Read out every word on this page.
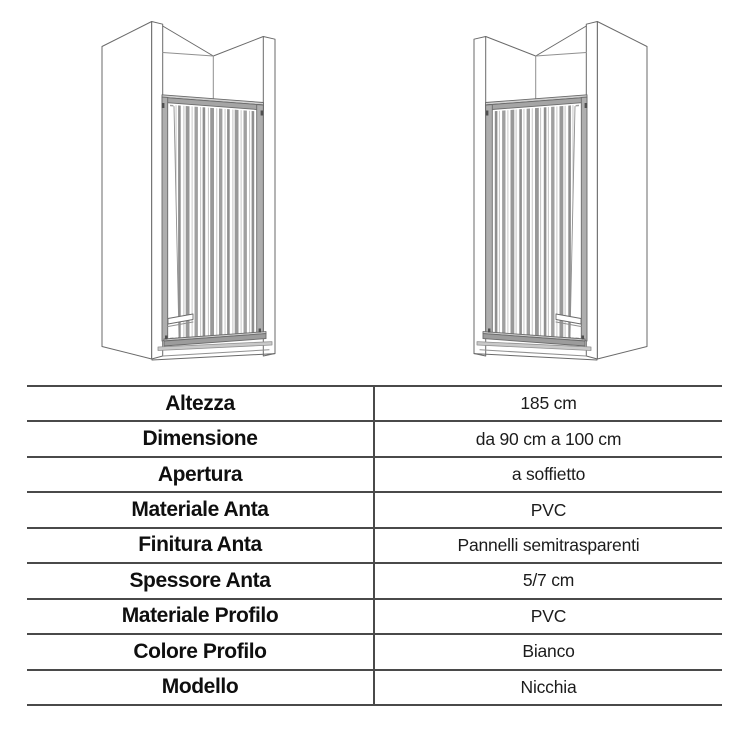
Altezza	185 cm
Dimensione	da 90 cm a 100 cm
Apertura	a soffietto
Materiale Anta	PVC
Finitura Anta	Pannelli semitrasparenti
Spessore Anta	5/7 cm
Materiale Profilo	PVC
Colore Profilo	Bianco
Modello	Nicchia
